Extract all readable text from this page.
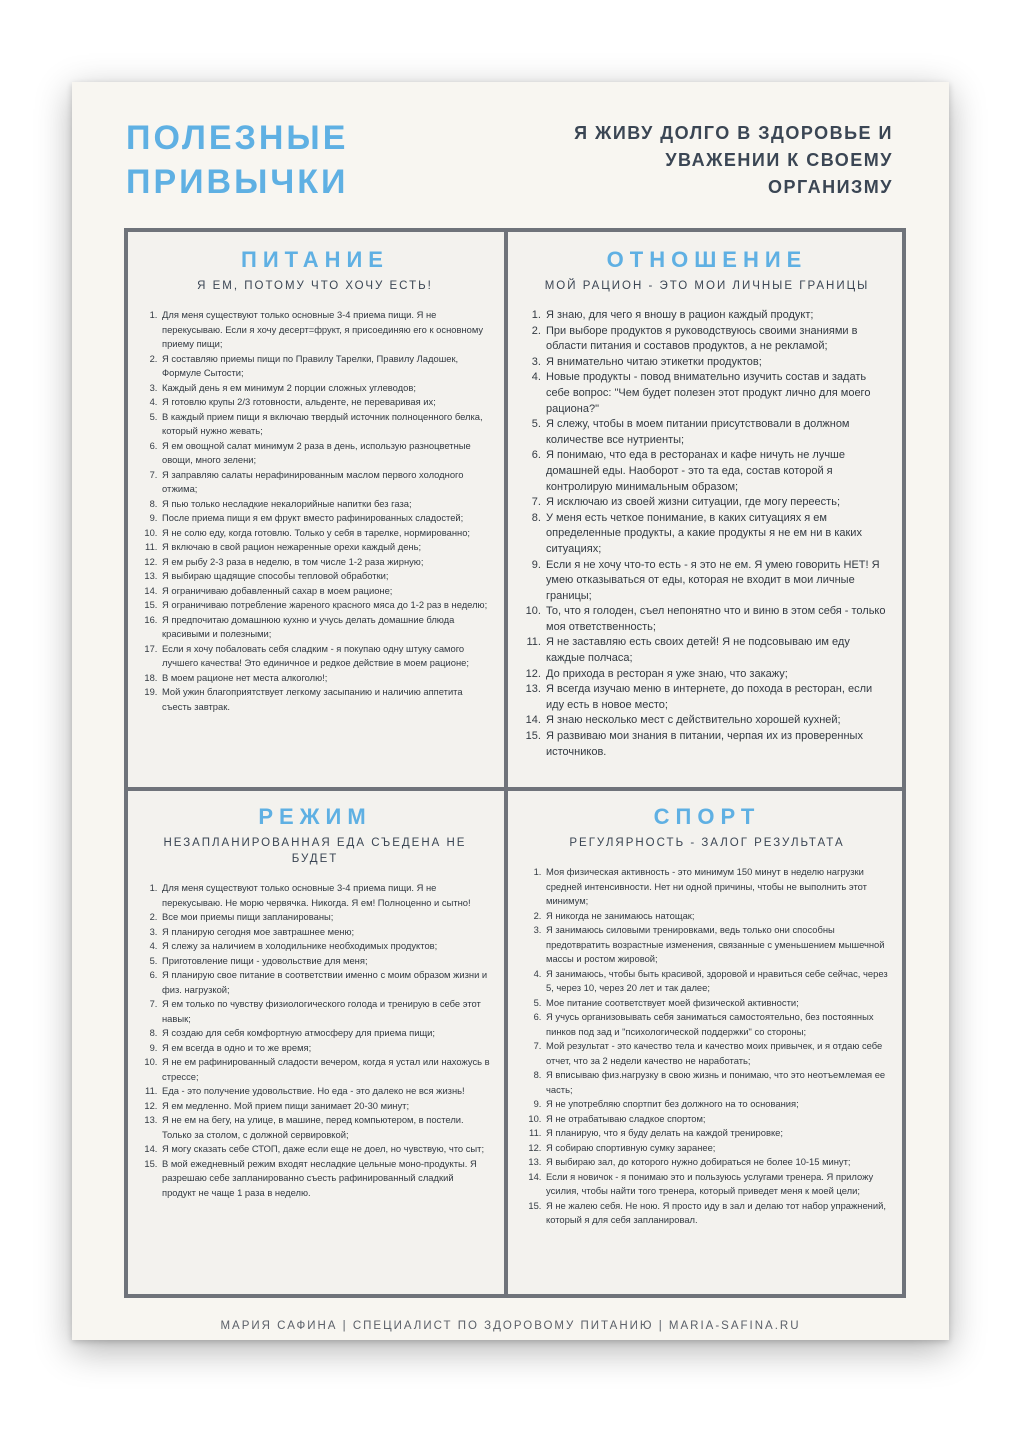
ПОЛЕЗНЫЕ
ПРИВЫЧКИ

Я ЖИВУ ДОЛГО В ЗДОРОВЬЕ И
УВАЖЕНИИ К СВОЕМУ
ОРГАНИЗМУ

ПИТАНИЕ

Я ЕМ, ПОТОМУ ЧТО ХОЧУ ЕСТЬ!

1. Для меня существуют только основные 3-4 приема пищи. Я не перекусываю. Если я хочу десерт=фрукт, я присоединяю его к основному приему пищи;
2. Я составляю приемы пищи по Правилу Тарелки, Правилу Ладошек, Формуле Сытости;
3. Каждый день я ем минимум 2 порции сложных углеводов;
4. Я готовлю крупы 2/3 готовности, альденте, не переваривая их;
5. В каждый прием пищи я включаю твердый источник полноценного белка, который нужно жевать;
6. Я ем овощной салат минимум 2 раза в день, использую разноцветные овощи, много зелени;
7. Я заправляю салаты нерафинированным маслом первого холодного отжима;
8. Я пью только несладкие некалорийные напитки без газа;
9. После приема пищи я ем фрукт вместо рафинированных сладостей;
10. Я не солю еду, когда готовлю. Только у себя в тарелке, нормированно;
11. Я включаю в свой рацион нежаренные орехи каждый день;
12. Я ем рыбу 2-3 раза в неделю, в том числе 1-2 раза жирную;
13. Я выбираю щадящие способы тепловой обработки;
14. Я ограничиваю добавленный сахар в моем рационе;
15. Я ограничиваю потребление жареного красного мяса до 1-2 раз в неделю;
16. Я предпочитаю домашнюю кухню и учусь делать домашние блюда красивыми и полезными;
17. Если я хочу побаловать себя сладким - я покупаю одну штуку самого лучшего качества! Это единичное и редкое действие в моем рационе;
18. В моем рационе нет места алкоголю!;
19. Мой ужин благоприятствует легкому засыпанию и наличию аппетита съесть завтрак.
ОТНОШЕНИЕ

МОЙ РАЦИОН - ЭТО МОИ ЛИЧНЫЕ ГРАНИЦЫ

1. Я знаю, для чего я вношу в рацион каждый продукт;
2. При выборе продуктов я руководствуюсь своими знаниями в области питания и составов продуктов, а не рекламой;
3. Я внимательно читаю этикетки продуктов;
4. Новые продукты - повод внимательно изучить состав и задать себе вопрос: "Чем будет полезен этот продукт лично для моего рациона?"
5. Я слежу, чтобы в моем питании присутствовали в должном количестве все нутриенты;
6. Я понимаю, что еда в ресторанах и кафе ничуть не лучше домашней еды. Наоборот - это та еда, состав которой я контролирую минимальным образом;
7. Я исключаю из своей жизни ситуации, где могу переесть;
8. У меня есть четкое понимание, в каких ситуациях я ем определенные продукты, а какие продукты я не ем ни в каких ситуациях;
9. Если я не хочу что-то есть - я это не ем. Я умею говорить НЕТ! Я умею отказываться от еды, которая не входит в мои личные границы;
10. То, что я голоден, съел непонятно что и виню в этом себя - только моя ответственность;
11. Я не заставляю есть своих детей! Я не подсовываю им еду каждые полчаса;
12. До прихода в ресторан я уже знаю, что закажу;
13. Я всегда изучаю меню в интернете, до похода в ресторан, если иду есть в новое место;
14. Я знаю несколько мест с действительно хорошей кухней;
15. Я развиваю мои знания в питании, черпая их из проверенных источников.
РЕЖИМ

НЕЗАПЛАНИРОВАННАЯ ЕДА СЪЕДЕНА НЕ БУДЕТ

1. Для меня существуют только основные 3-4 приема пищи. Я не перекусываю. Не морю червячка. Никогда. Я ем! Полноценно и сытно!
2. Все мои приемы пищи запланированы;
3. Я планирую сегодня мое завтрашнее меню;
4. Я слежу за наличием в холодильнике необходимых продуктов;
5. Приготовление пищи - удовольствие для меня;
6. Я планирую свое питание в соответствии именно с моим образом жизни и физ. нагрузкой;
7. Я ем только по чувству физиологического голода и тренирую в себе этот навык;
8. Я создаю для себя комфортную атмосферу для приема пищи;
9. Я ем всегда в одно и то же время;
10. Я не ем рафинированный сладости вечером, когда я устал или нахожусь в стрессе;
11. Еда - это получение удовольствие. Но еда - это далеко не вся жизнь!
12. Я ем медленно. Мой прием пищи занимает 20-30 минут;
13. Я не ем на бегу, на улице, в машине, перед компьютером, в постели. Только за столом, с должной сервировкой;
14. Я могу сказать себе СТОП, даже если еще не доел, но чувствую, что сыт;
15. В мой ежедневный режим входят несладкие цельные моно-продукты. Я разрешаю себе запланированно съесть рафинированный сладкий продукт не чаще 1 раза в неделю.
СПОРТ

РЕГУЛЯРНОСТЬ - ЗАЛОГ РЕЗУЛЬТАТА

1. Моя физическая активность - это минимум 150 минут в неделю нагрузки средней интенсивности. Нет ни одной причины, чтобы не выполнить этот минимум;
2. Я никогда не занимаюсь натощак;
3. Я занимаюсь силовыми тренировками, ведь только они способны предотвратить возрастные изменения, связанные с уменьшением мышечной массы и ростом жировой;
4. Я занимаюсь, чтобы быть красивой, здоровой и нравиться себе сейчас, через 5, через 10, через 20 лет и так далее;
5. Мое питание соответствует моей физической активности;
6. Я учусь организовывать себя заниматься самостоятельно, без постоянных пинков под зад и "психологической поддержки" со стороны;
7. Мой результат - это качество тела и качество моих привычек, и я отдаю себе отчет, что за 2 недели качество не наработать;
8. Я вписываю физ.нагрузку в свою жизнь и понимаю, что это неотъемлемая ее часть;
9. Я не употребляю спортпит без должного на то основания;
10. Я не отрабатываю сладкое спортом;
11. Я планирую, что я буду делать на каждой тренировке;
12. Я собираю спортивную сумку заранее;
13. Я выбираю зал, до которого нужно добираться не более 10-15 минут;
14. Если я новичок - я понимаю это и пользуюсь услугами тренера. Я приложу усилия, чтобы найти того тренера, который приведет меня к моей цели;
15. Я не жалею себя. Не ною. Я просто иду в зал и делаю тот набор упражнений, который я для себя запланировал.
МАРИЯ САФИНА | СПЕЦИАЛИСТ ПО ЗДОРОВОМУ ПИТАНИЮ | MARIA-SAFINA.RU
